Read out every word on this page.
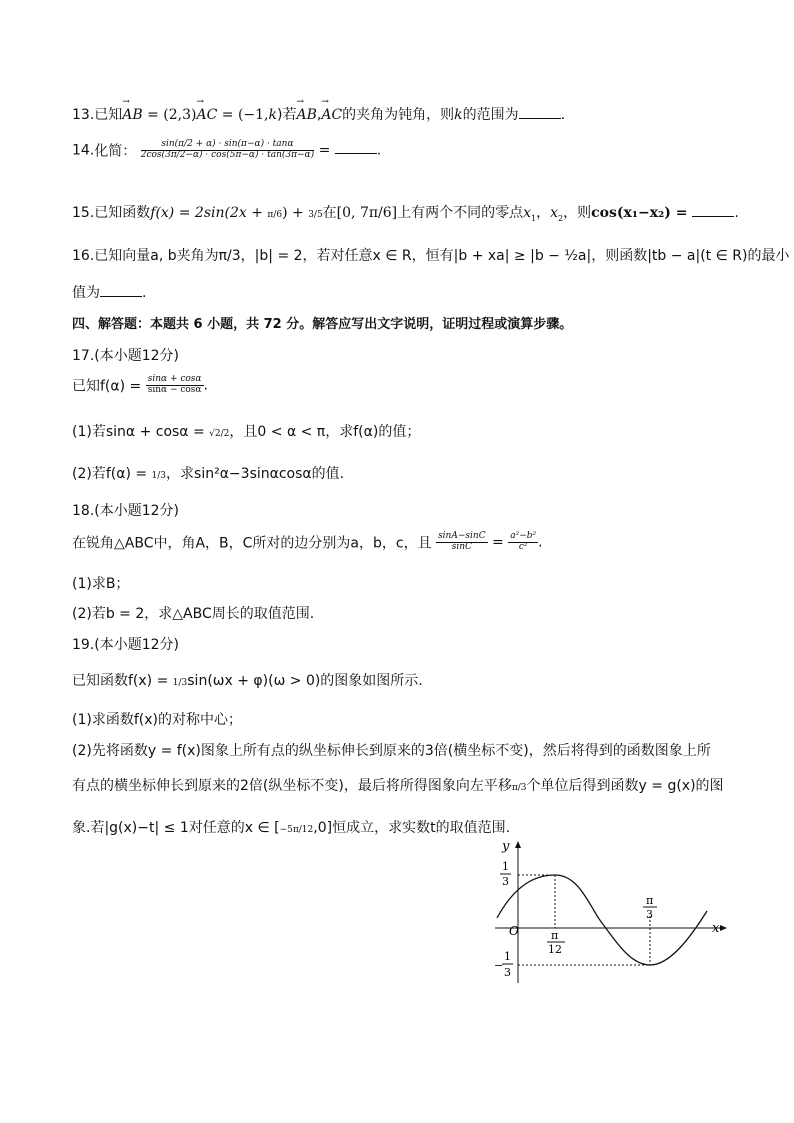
13.已知→ AB = (2,3)→ AC = (−1,k)若→ AB,→ AC的夹角为钝角，则k的范围为	.
14.化简： $\frac{\sin(\pi/2 + \alpha) \cdot \sin(\pi-\alpha) \cdot \tan\alpha}{2\cos(3\pi/2-\alpha) \cdot \cos(5\pi-\alpha) \cdot \tan(3\pi-\alpha)}$ =	.
15.已知函数f(x) = 2sin(2x + π/6) + 3/5在[0, 7π/6]上有两个不同的零点$x_1$，$x_2$，则cos(x₁−x₂) =	.
16.已知向量a, b夹角为π/3，|b| = 2，若对任意x ∈ R，恒有|b + xa| ≥ |b − ½a|，则函数|tb − a|(t ∈ R)的最小
值为	.
四、解答题：本题共 6 小题，共 72 分。解答应写出文字说明，证明过程或演算步骤。
17.(本小题12分)
已知$f(\alpha) = \frac{\sin\alpha + \cos\alpha}{\sin\alpha - \cos\alpha}$ .
(1)若sinα + cosα = √2/2，且0 < α < π，求f(α)的值；
(2)若f(α) = 1/3，求sin²α−3sinαcosα的值.
18.(本小题12分)
在锐角△ABC中，角A，B，C所对的边分别为a，b，c，且 $\frac{\sin A-\sin C}{\sin C} = \frac{\text{a²−b²}}{\text{c²}}$ .
(1)求B；
(2)若b = 2，求△ABC周长的取值范围.
19.(本小题12分)
已知函数f(x) = 1/3sin(ωx + φ)(ω > 0)的图象如图所示.
(1)求函数f(x)的对称中心；
(2)先将函数y = f(x)图象上所有点的纵坐标伸长到原来的3倍(横坐标不变)，然后将得到的函数图象上所
有点的横坐标伸长到原来的2倍(纵坐标不变)，最后将所得图象向左平移π/3个单位后得到函数y = g(x)的图
象.若|g(x)−t| ≤ 1对任意的x ∈ [−5π/12,0]恒成立，求实数t的取值范围.
y
x
O
1
3
−
1
3
π
12
π
3
